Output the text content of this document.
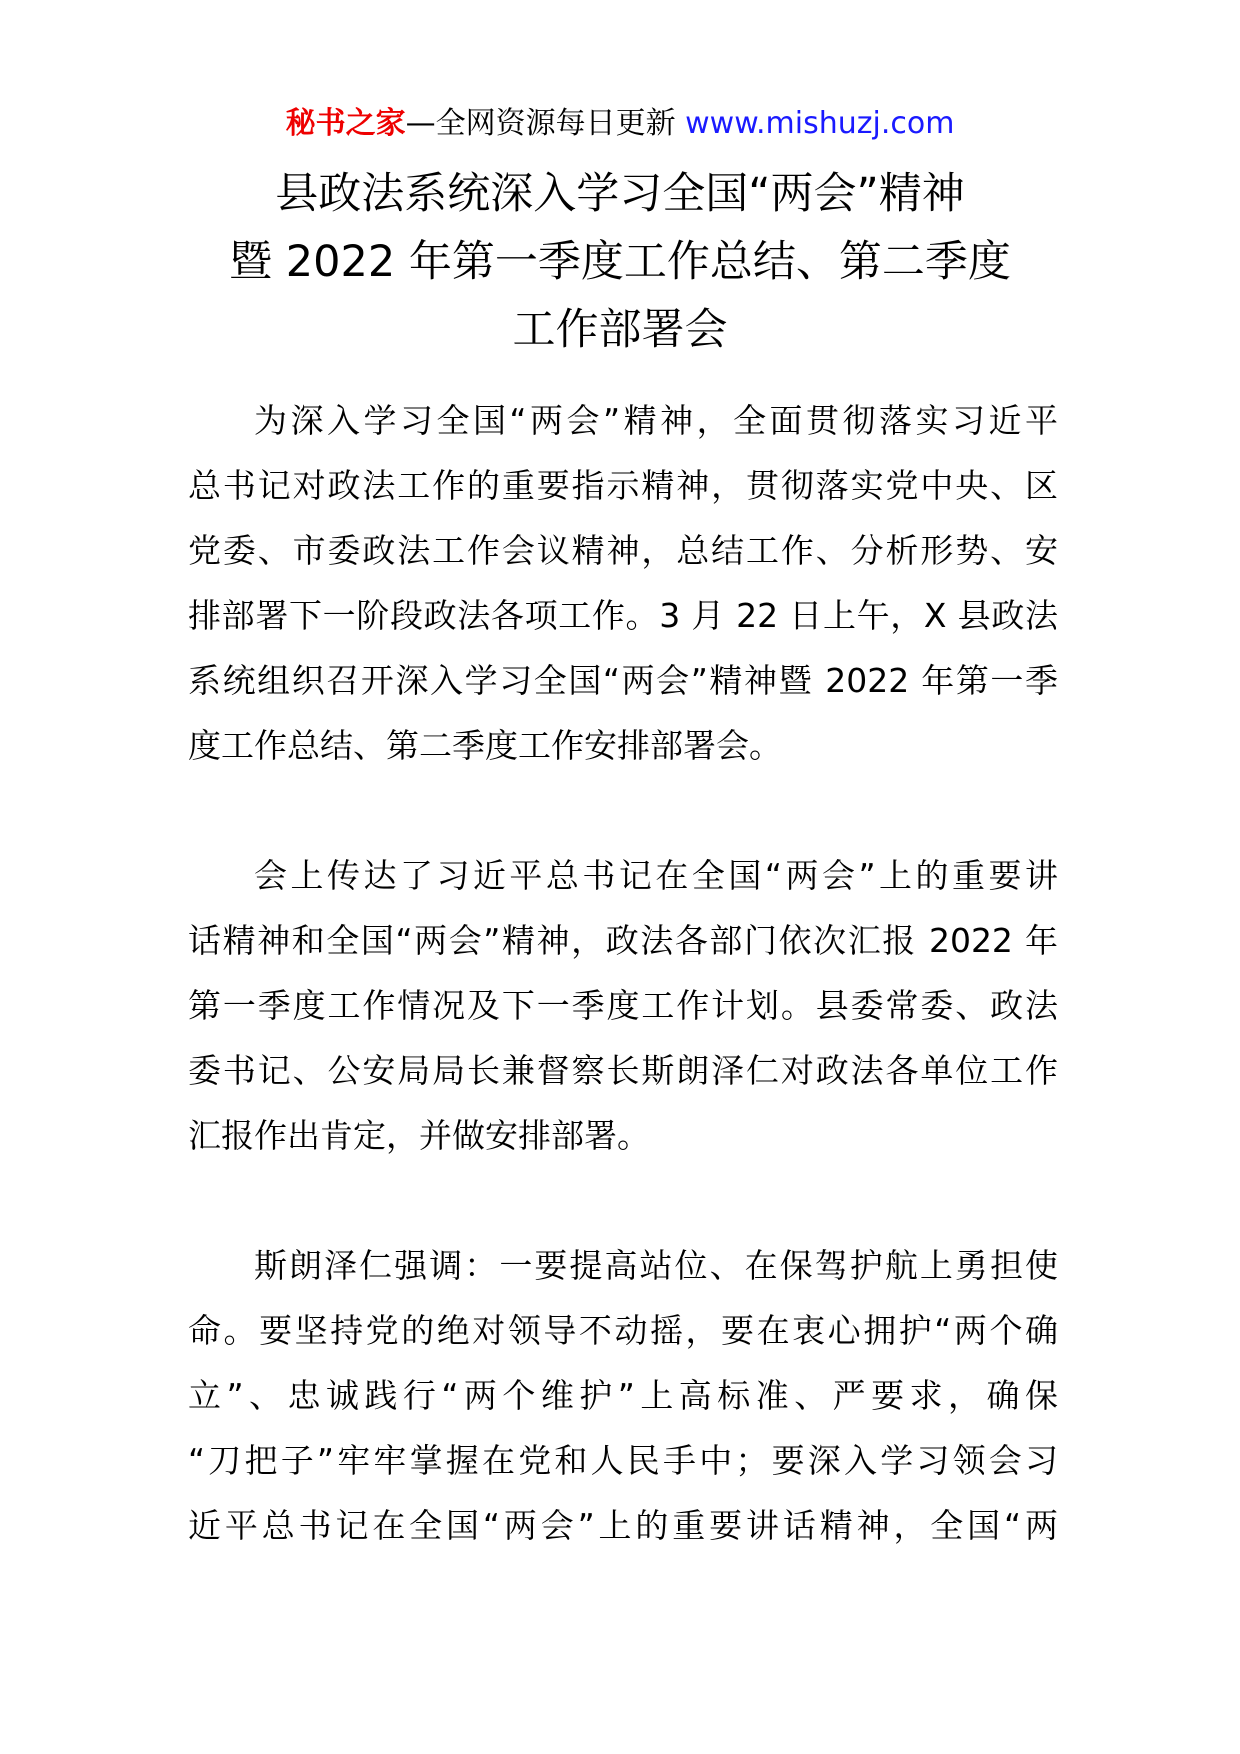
秘书之家—全网资源每日更新 www.mishuzj.com
县政法系统深入学习全国“两会”精神
暨 2022 年第一季度工作总结、第二季度
工作部署会
为深入学习全国“两会”精神，全面贯彻落实习近平
总书记对政法工作的重要指示精神，贯彻落实党中央、区
党委、市委政法工作会议精神，总结工作、分析形势、安
排部署下一阶段政法各项工作。3 月 22 日上午，X 县政法
系统组织召开深入学习全国“两会”精神暨 2022 年第一季
度工作总结、第二季度工作安排部署会。
会上传达了习近平总书记在全国“两会”上的重要讲
话精神和全国“两会”精神，政法各部门依次汇报 2022 年
第一季度工作情况及下一季度工作计划。县委常委、政法
委书记、公安局局长兼督察长斯朗泽仁对政法各单位工作
汇报作出肯定，并做安排部署。
斯朗泽仁强调：一要提高站位、在保驾护航上勇担使
命。要坚持党的绝对领导不动摇，要在衷心拥护“两个确
立”、忠诚践行“两个维护”上高标准、严要求，确保
“刀把子”牢牢掌握在党和人民手中；要深入学习领会习
近平总书记在全国“两会”上的重要讲话精神，全国“两
